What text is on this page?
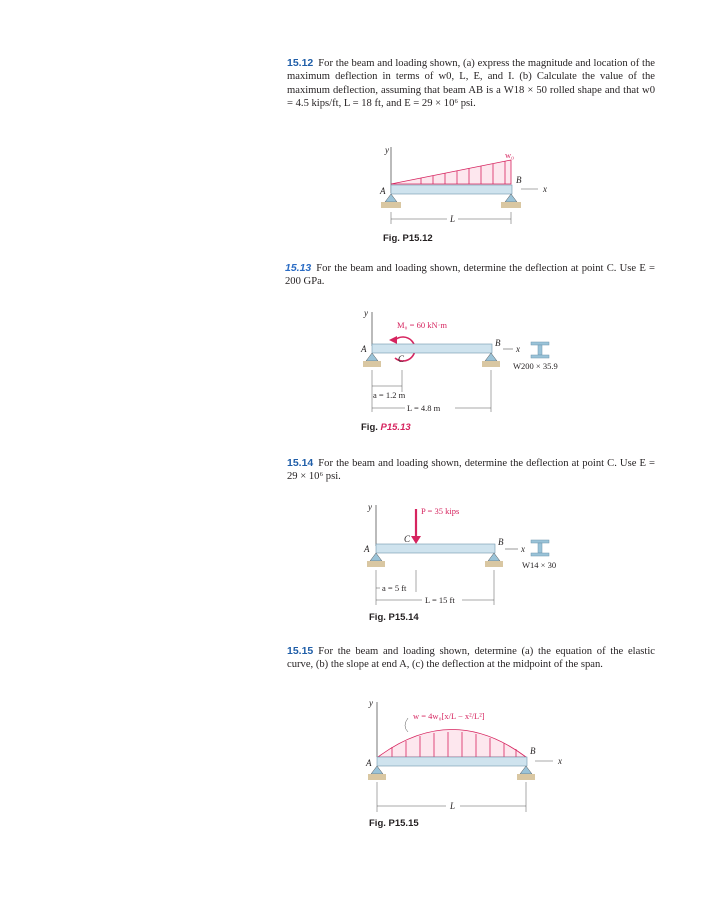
15.12 For the beam and loading shown, (a) express the magnitude and location of the maximum deflection in terms of w0, L, E, and I. (b) Calculate the value of the maximum deflection, assuming that beam AB is a W18 × 50 rolled shape and that w0 = 4.5 kips/ft, L = 18 ft, and E = 29 × 10⁶ psi.
y	w₀
A
B
x
L
Fig. P15.12
15.13 For the beam and loading shown, determine the deflection at point C. Use E = 200 GPa.
y
M₀ = 60 kN·m
A
B
C
x
W200 × 35.9
a = 1.2 m
L = 4.8 m
Fig. P15.13
15.14 For the beam and loading shown, determine the deflection at point C. Use E = 29 × 10⁶ psi.
y	P = 35 kips
A
B
C
x
W14 × 30
a = 5 ft
L = 15 ft
Fig. P15.14
15.15 For the beam and loading shown, determine (a) the equation of the elastic curve, (b) the slope at end A, (c) the deflection at the midpoint of the span.
y
w = 4w₀[x/L − x²/L²]
A
B
x
L
Fig. P15.15
